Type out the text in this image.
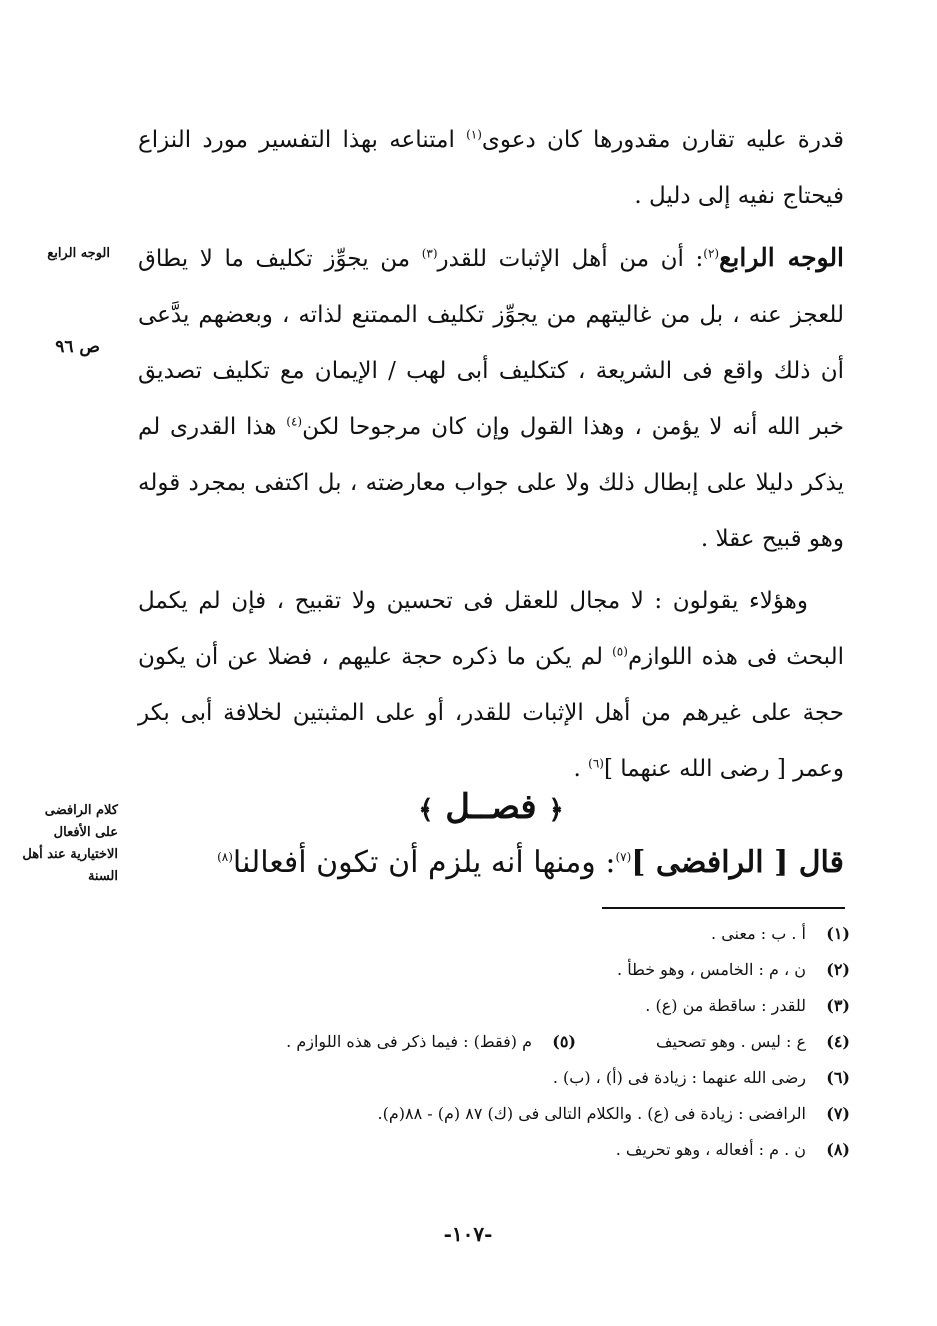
قدرة عليه تقارن مقدورها كان دعوى$^{(١)}$ امتناعه بهذا التفسير مورد النزاع فيحتاج نفيه إلى دليل .

الوجه الرابع$^{(٢)}$: أن من أهل الإثبات للقدر$^{(٣)}$ من يجوِّز تكليف ما لا يطاق للعجز عنه ، بل من غاليتهم من يجوِّز تكليف الممتنع لذاته ، وبعضهم يدَّعى أن ذلك واقع فى الشريعة ، كتكليف أبى لهب / الإيمان مع تكليف تصديق خبر الله أنه لا يؤمن ، وهذا القول وإن كان مرجوحا لكن$^{(٤)}$ هذا القدرى لم يذكر دليلا على إبطال ذلك ولا على جواب معارضته ، بل اكتفى بمجرد قوله وهو قبيح عقلا .

وهؤلاء يقولون : لا مجال للعقل فى تحسين ولا تقبيح ، فإن لم يكمل البحث فى هذه اللوازم$^{(٥)}$ لم يكن ما ذكره حجة عليهم ، فضلا عن أن يكون حجة على غيرهم من أهل الإثبات للقدر، أو على المثبتين لخلافة أبى بكر وعمر [ رضى الله عنهما ]$^{(٦)}$ .

الوجه الرابع
ص ٩٦
كلام الرافضى على الأفعال الاختيارية عند أهل السنة
﴿ فصــل ﴾
قال [ الرافضى ]$^{(٧)}$: ومنها أنه يلزم أن تكون أفعالنا$^{(٨)}$
(١)
أ . ب : معنى .
(٢)
ن ، م : الخامس ، وهو خطأ .
(٣)
للقدر : ساقطة من (ع) .
(٤)
ع : ليس . وهو تصحيف
(٥)
م (فقط) : فيما ذكر فى هذه اللوازم .
(٦)
رضى الله عنهما : زيادة فى (أ) ، (ب) .
(٧)
الرافضى : زيادة فى (ع) . والكلام التالى فى (ك) ٨٧ (م) - ٨٨(م).
(٨)
ن . م : أفعاله ، وهو تحريف .
-١٠٧-
